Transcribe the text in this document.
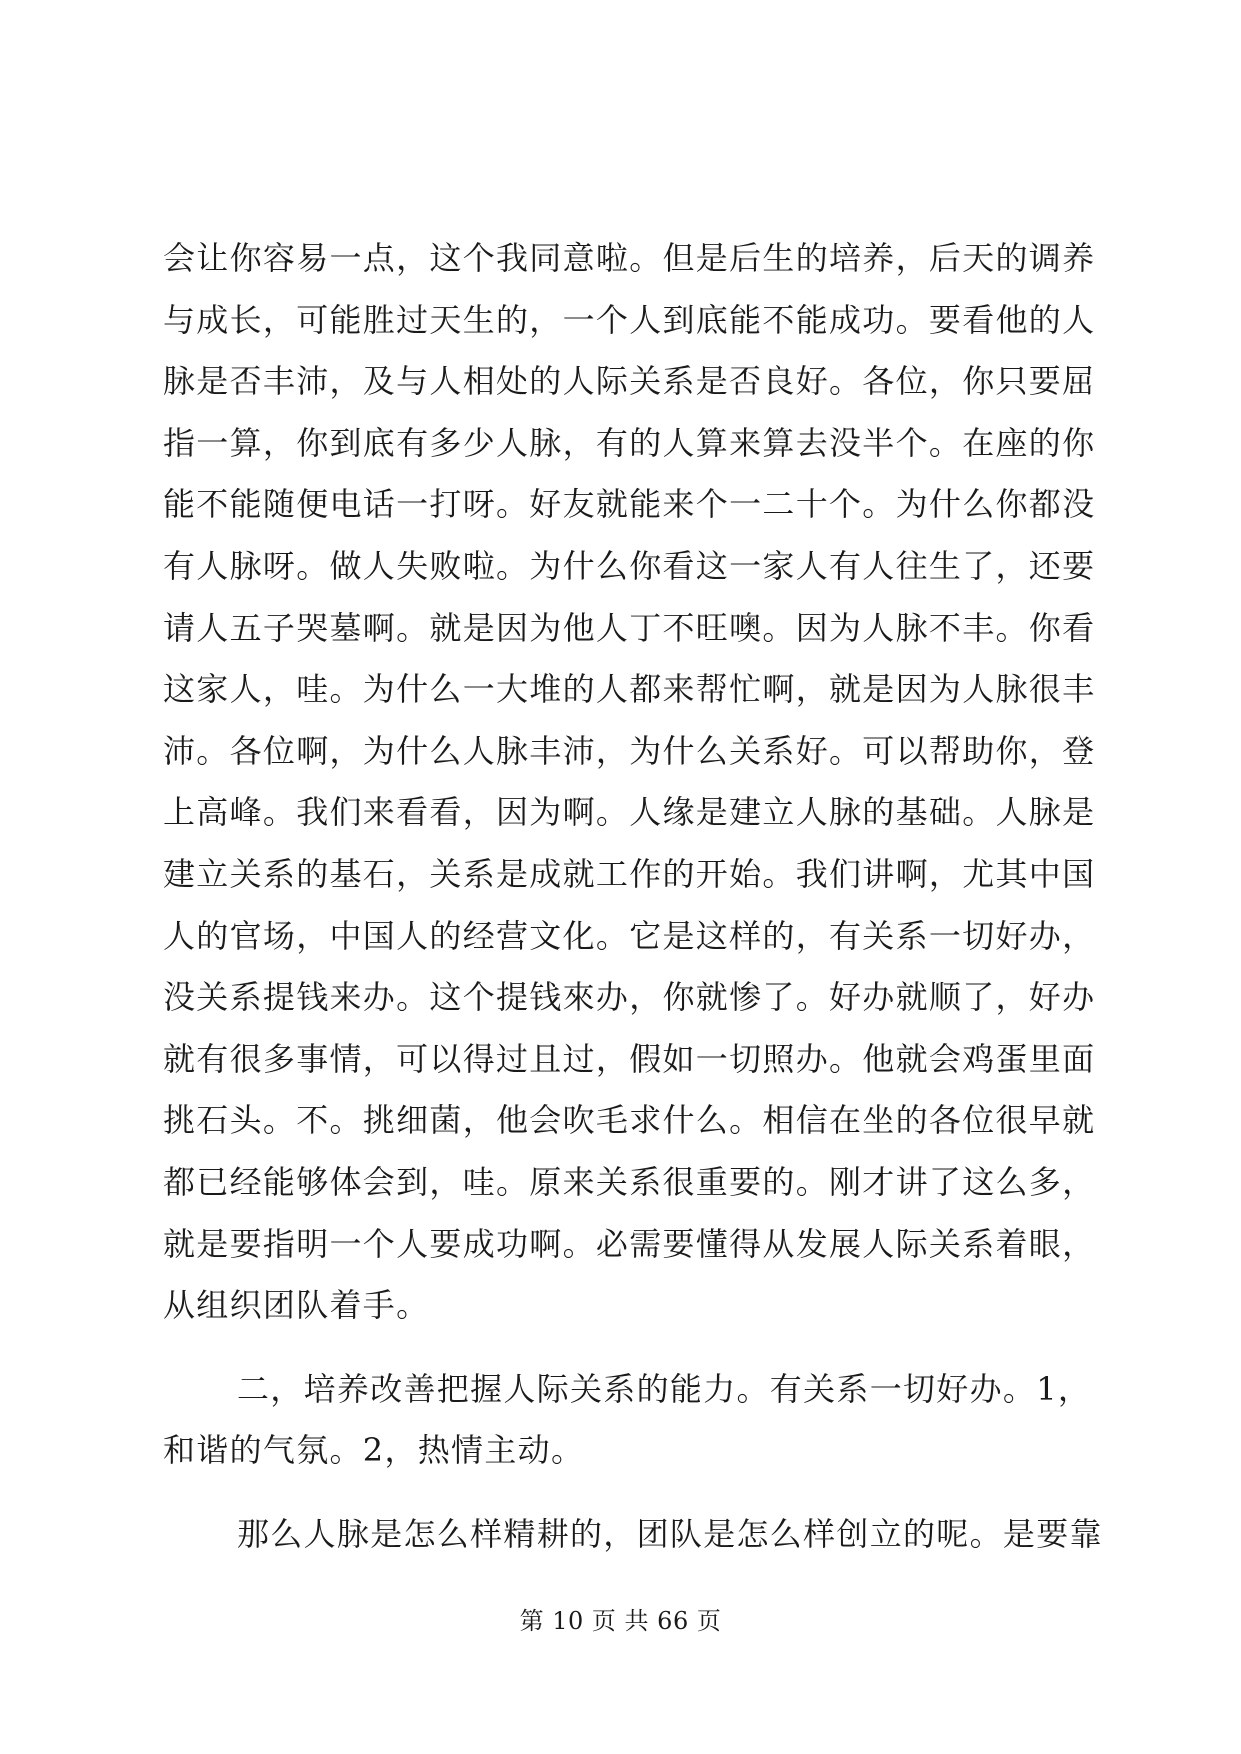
会让你容易一点，这个我同意啦。但是后生的培养，后天的调养
与成长，可能胜过天生的，一个人到底能不能成功。要看他的人
脉是否丰沛，及与人相处的人际关系是否良好。各位，你只要屈
指一算，你到底有多少人脉，有的人算来算去没半个。在座的你
能不能随便电话一打呀。好友就能来个一二十个。为什么你都没
有人脉呀。做人失败啦。为什么你看这一家人有人往生了，还要
请人五子哭墓啊。就是因为他人丁不旺噢。因为人脉不丰。你看
这家人，哇。为什么一大堆的人都来帮忙啊，就是因为人脉很丰
沛。各位啊，为什么人脉丰沛，为什么关系好。可以帮助你，登
上高峰。我们来看看，因为啊。人缘是建立人脉的基础。人脉是
建立关系的基石，关系是成就工作的开始。我们讲啊，尤其中国
人的官场，中国人的经营文化。它是这样的，有关系一切好办，
没关系提钱来办。这个提钱來办，你就惨了。好办就顺了，好办
就有很多事情，可以得过且过，假如一切照办。他就会鸡蛋里面
挑石头。不。挑细菌，他会吹毛求什么。相信在坐的各位很早就
都已经能够体会到，哇。原来关系很重要的。刚才讲了这么多，
就是要指明一个人要成功啊。必需要懂得从发展人际关系着眼，
从组织团队着手。
二，培养改善把握人际关系的能力。有关系一切好办。1，
和谐的气氛。2，热情主动。
那么人脉是怎么样精耕的，团队是怎么样创立的呢。是要靠
第 10 页 共 66 页
